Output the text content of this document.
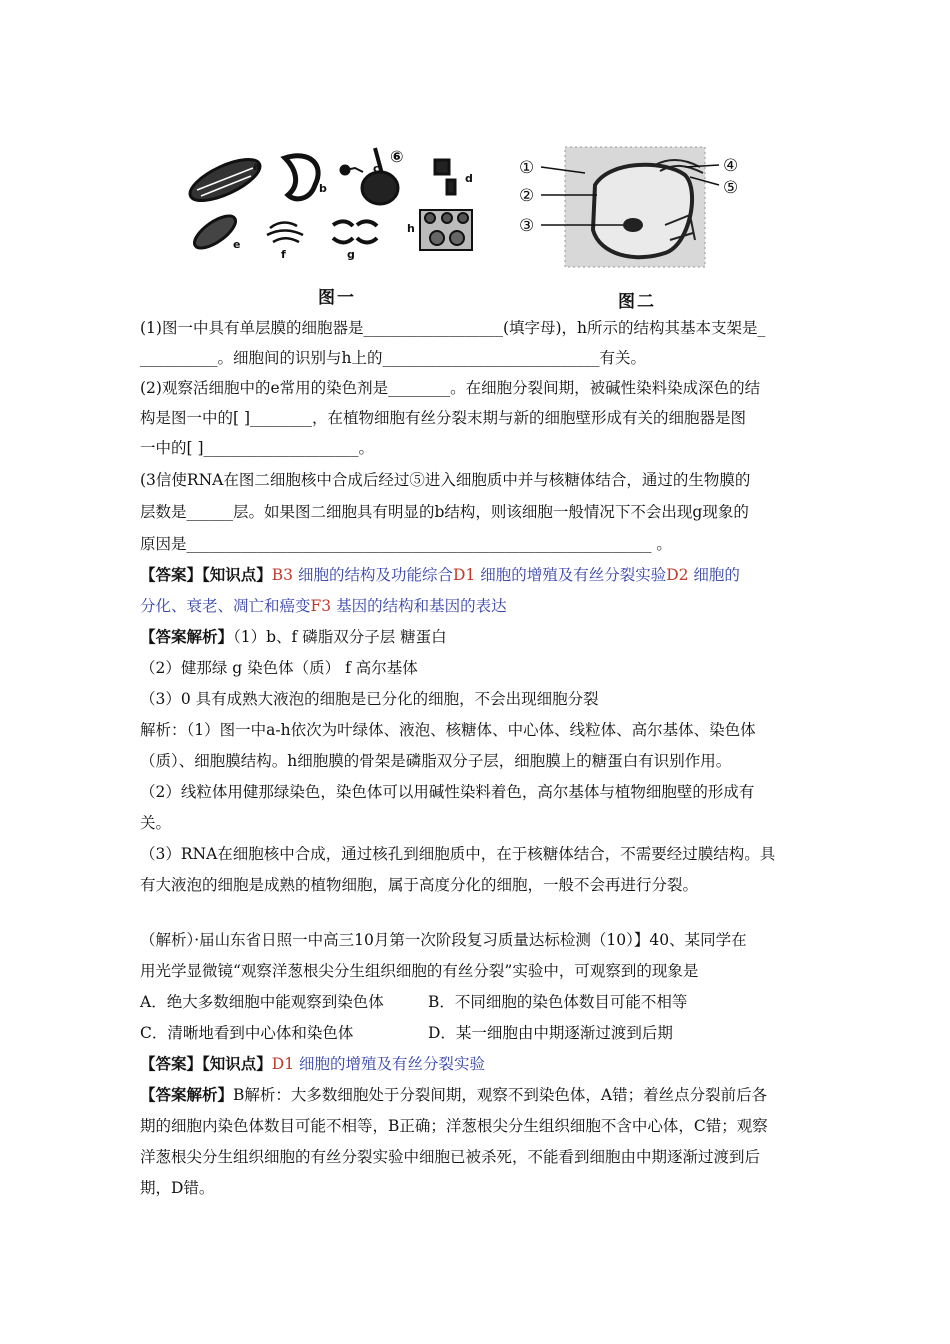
a
b
c
d
e
f	g
h
⑥
图一
①
②
③
④
⑤
图二
(1)图一中具有单层膜的细胞器是__________________(填字母)，h所示的结构其基本支架是_
__________。细胞间的识别与h上的____________________________有关。
(2)观察活细胞中的e常用的染色剂是________。在细胞分裂间期，被碱性染料染成深色的结
构是图一中的[ ]________，在植物细胞有丝分裂末期与新的细胞壁形成有关的细胞器是图
一中的[ ]____________________。
(3信使RNA在图二细胞核中合成后经过⑤进入细胞质中并与核糖体结合，通过的生物膜的
层数是______层。如果图二细胞具有明显的b结构，则该细胞一般情况下不会出现g现象的
原因是____________________________________________________________ 。
【答案】【知识点】B3 细胞的结构及功能综合D1 细胞的增殖及有丝分裂实验D2 细胞的
分化、衰老、凋亡和癌变F3 基因的结构和基因的表达
【答案解析】（1）b、f 磷脂双分子层 糖蛋白
（2）健那绿 g 染色体（质） f 高尔基体
（3）0 具有成熟大液泡的细胞是已分化的细胞，不会出现细胞分裂
解析：（1）图一中a-h依次为叶绿体、液泡、核糖体、中心体、线粒体、高尔基体、染色体
（质）、细胞膜结构。h细胞膜的骨架是磷脂双分子层，细胞膜上的糖蛋白有识别作用。
（2）线粒体用健那绿染色，染色体可以用碱性染料着色，高尔基体与植物细胞壁的形成有
关。
（3）RNA在细胞核中合成，通过核孔到细胞质中，在于核糖体结合，不需要经过膜结构。具
有大液泡的细胞是成熟的植物细胞，属于高度分化的细胞，一般不会再进行分裂。
（解析）·届山东省日照一中高三10月第一次阶段复习质量达标检测（10）】40、某同学在
用光学显微镜“观察洋葱根尖分生组织细胞的有丝分裂”实验中，可观察到的现象是
A．绝大多数细胞中能观察到染色体	B．不同细胞的染色体数目可能不相等
C．清晰地看到中心体和染色体	D．某一细胞由中期逐渐过渡到后期
【答案】【知识点】D1 细胞的增殖及有丝分裂实验
【答案解析】B解析：大多数细胞处于分裂间期，观察不到染色体，A错；着丝点分裂前后各
期的细胞内染色体数目可能不相等，B正确；洋葱根尖分生组织细胞不含中心体，C错；观察
洋葱根尖分生组织细胞的有丝分裂实验中细胞已被杀死，不能看到细胞由中期逐渐过渡到后
期，D错。
